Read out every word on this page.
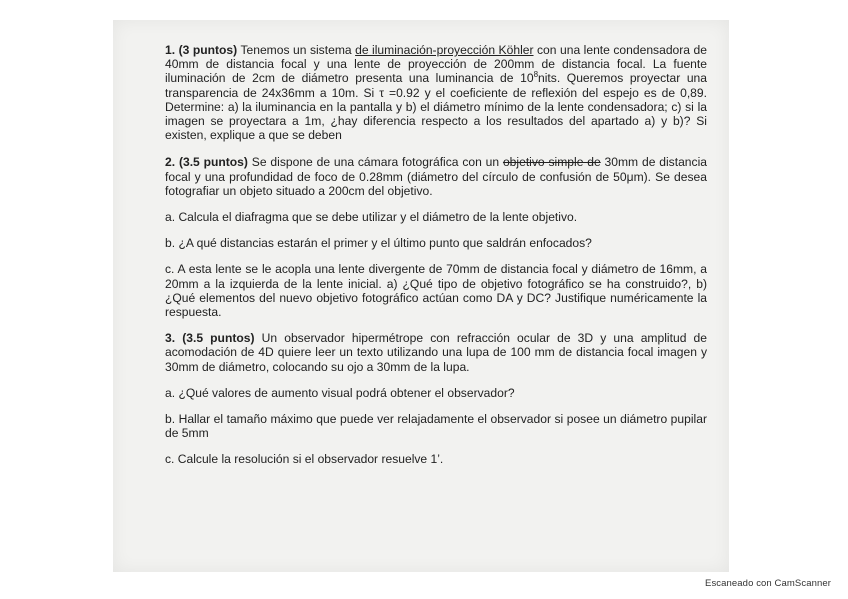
1. (3 puntos) Tenemos un sistema de iluminación-proyección Köhler con una lente condensadora de 40mm de distancia focal y una lente de proyección de 200mm de distancia focal. La fuente iluminación de 2cm de diámetro presenta una luminancia de $10^8nits$. Queremos proyectar una transparencia de 24x36mm a 10m. Si τ =0.92 y el coeficiente de reflexión del espejo es de 0,89. Determine: a) la iluminancia en la pantalla y b) el diámetro mínimo de la lente condensadora; c) si la imagen se proyectara a 1m, ¿hay diferencia respecto a los resultados del apartado a) y b)? Si existen, explique a que se deben

2. (3.5 puntos) Se dispone de una cámara fotográfica con un objetivo simple de 30mm de distancia focal y una profundidad de foco de 0.28mm (diámetro del círculo de confusión de 50μm). Se desea fotografiar un objeto situado a 200cm del objetivo.

a. Calcula el diafragma que se debe utilizar y el diámetro de la lente objetivo.

b. ¿A qué distancias estarán el primer y el último punto que saldrán enfocados?

c. A esta lente se le acopla una lente divergente de 70mm de distancia focal y diámetro de 16mm, a 20mm a la izquierda de la lente inicial. a) ¿Qué tipo de objetivo fotográfico se ha construido?, b) ¿Qué elementos del nuevo objetivo fotográfico actúan como DA y DC? Justifique numéricamente la respuesta.

3. (3.5 puntos) Un observador hipermétrope con refracción ocular de 3D y una amplitud de acomodación de 4D quiere leer un texto utilizando una lupa de 100 mm de distancia focal imagen y 30mm de diámetro, colocando su ojo a 30mm de la lupa.

a. ¿Qué valores de aumento visual podrá obtener el observador?

b. Hallar el tamaño máximo que puede ver relajadamente el observador si posee un diámetro pupilar de 5mm

c. Calcule la resolución si el observador resuelve 1’.

Escaneado con CamScanner
